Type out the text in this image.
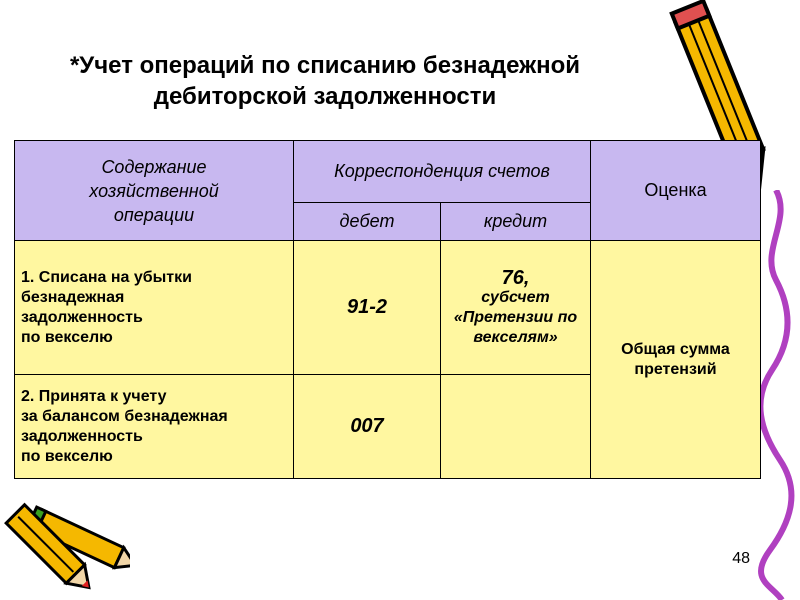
*Учет операций по списанию безнадежной
дебиторской задолженности
Содержание
хозяйственной
операции	Корреспонденция счетов		Оценка
	дебет	кредит	

1. Списана на убытки
безнадежная
задолженность
по векселю	91-2	76,
субсчет «Претензии по векселям»	Общая сумма претензий

2. Принята к учету
за балансом безнадежная
задолженность
по векселю	007		
48
